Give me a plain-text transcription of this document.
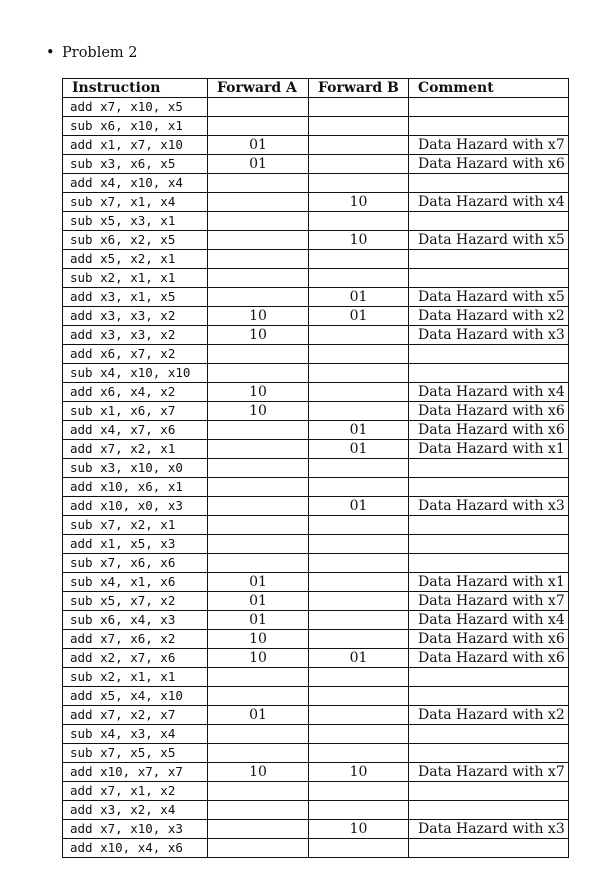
• Problem 2
Instruction	Forward A	Forward B	Comment
add x7, x10, x5			
sub x6, x10, x1			
add x1, x7, x10	01		Data Hazard with x7
sub x3, x6, x5	01		Data Hazard with x6
add x4, x10, x4			
sub x7, x1, x4		10	Data Hazard with x4
sub x5, x3, x1			
sub x6, x2, x5		10	Data Hazard with x5
add x5, x2, x1			
sub x2, x1, x1			
add x3, x1, x5		01	Data Hazard with x5
add x3, x3, x2	10	01	Data Hazard with x2
add x3, x3, x2	10		Data Hazard with x3
add x6, x7, x2			
sub x4, x10, x10			
add x6, x4, x2	10		Data Hazard with x4
sub x1, x6, x7	10		Data Hazard with x6
add x4, x7, x6		01	Data Hazard with x6
add x7, x2, x1		01	Data Hazard with x1
sub x3, x10, x0			
add x10, x6, x1			
add x10, x0, x3		01	Data Hazard with x3
sub x7, x2, x1			
add x1, x5, x3			
sub x7, x6, x6			
sub x4, x1, x6	01		Data Hazard with x1
sub x5, x7, x2	01		Data Hazard with x7
sub x6, x4, x3	01		Data Hazard with x4
add x7, x6, x2	10		Data Hazard with x6
add x2, x7, x6	10	01	Data Hazard with x6
sub x2, x1, x1			
add x5, x4, x10			
add x7, x2, x7	01		Data Hazard with x2
sub x4, x3, x4			
sub x7, x5, x5			
add x10, x7, x7	10	10	Data Hazard with x7
add x7, x1, x2			
add x3, x2, x4			
add x7, x10, x3		10	Data Hazard with x3
add x10, x4, x6			
